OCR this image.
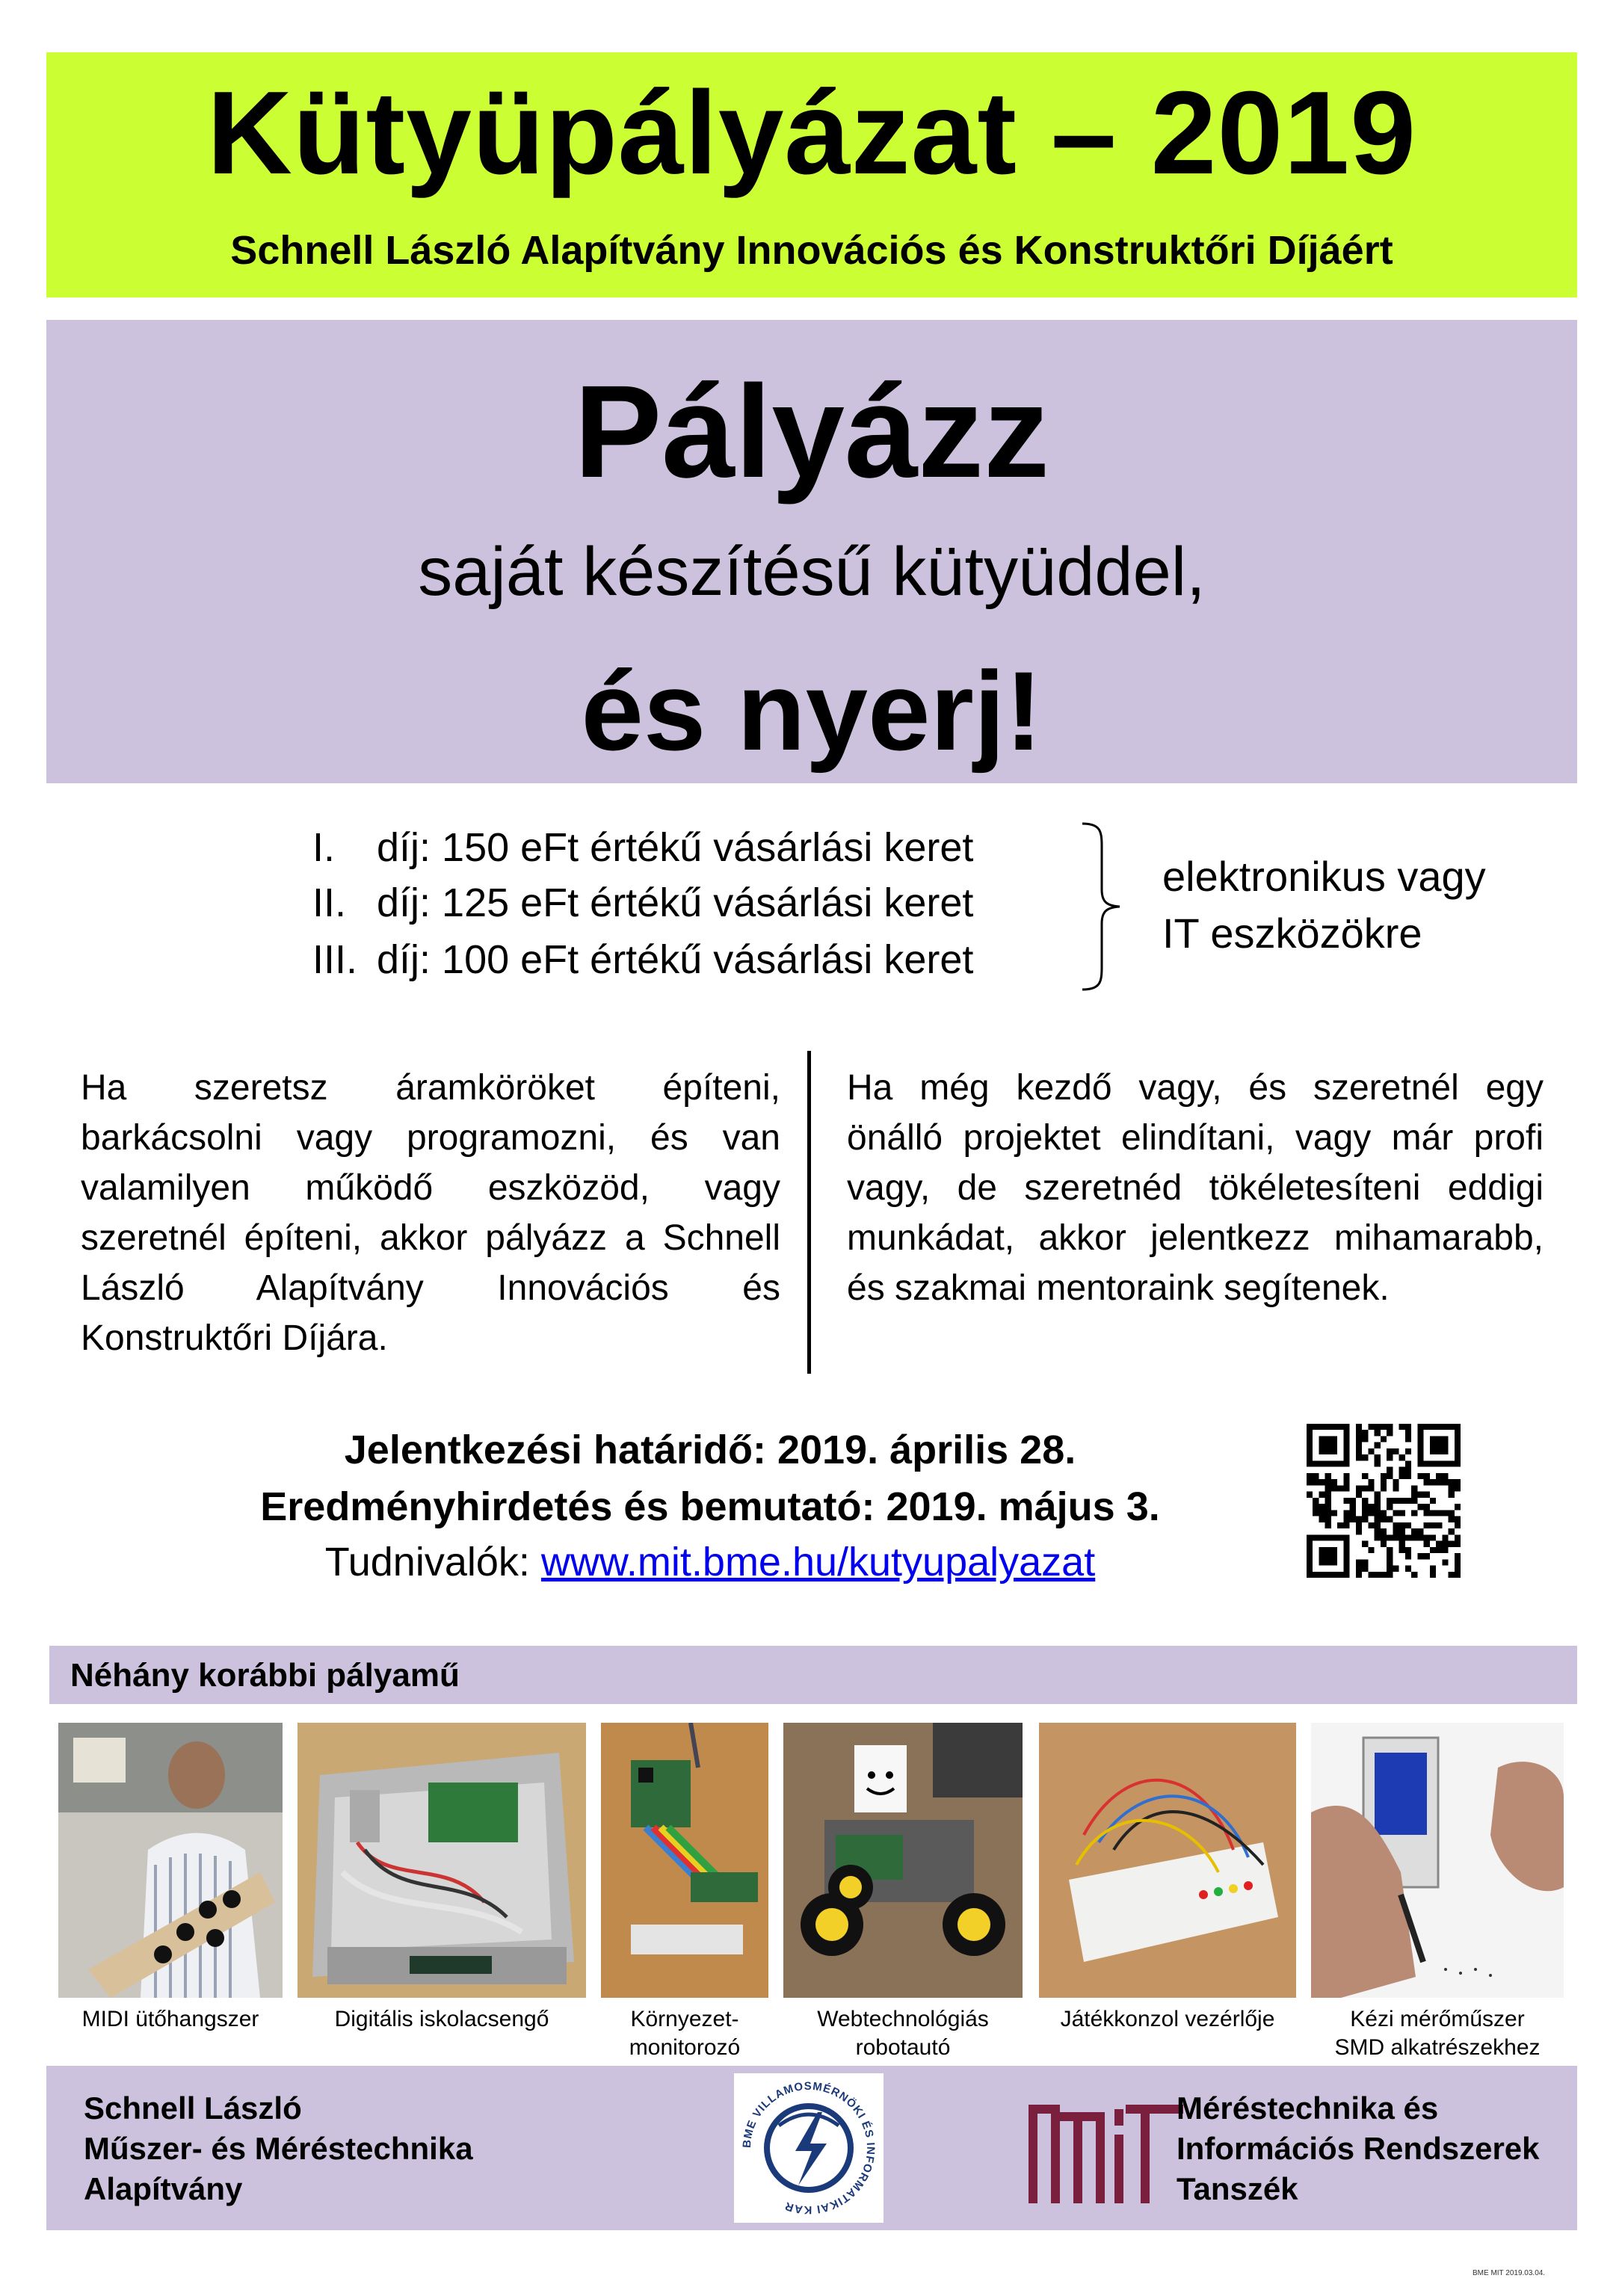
Kütyüpályázat – 2019
Schnell László Alapítvány Innovációs és Konstruktőri Díjáért
Pályázz
saját készítésű kütyüddel,
és nyerj!
I. díj: 150 eFt értékű vásárlási keret
II. díj: 125 eFt értékű vásárlási keret
III. díj: 100 eFt értékű vásárlási keret
elektronikus vagy
IT eszközökre
Ha szeretsz áramköröket építeni, barkácsolni vagy programozni, és van valamilyen működő eszközöd, vagy szeretnél építeni, akkor pályázz a Schnell László Alapítvány Innovációs és Konstruktőri Díjára.
Ha még kezdő vagy, és szeretnél egy önálló projektet elindítani, vagy már profi vagy, de szeretnéd tökéletesíteni eddigi munkádat, akkor jelentkezz mihamarabb, és szakmai mentoraink segítenek.
Jelentkezési határidő: 2019. április 28.
Eredményhirdetés és bemutató: 2019. május 3.
Tudnivalók: www.mit.bme.hu/kutyupalyazat
Néhány korábbi pályamű
MIDI ütőhangszer	Digitális iskolacsengő	Környezet-
monitorozó
Webtechnológiás
robotautó
Játékkonzol vezérlője	Kézi mérőműszer
SMD alkatrészekhez
Schnell László
Műszer- és Méréstechnika
Alapítvány
BME VILLAMOSMÉRNÖKI ÉS INFORMATIKAI KAR
Méréstechnika és
Információs Rendszerek
Tanszék
BME MIT 2019.03.04.
